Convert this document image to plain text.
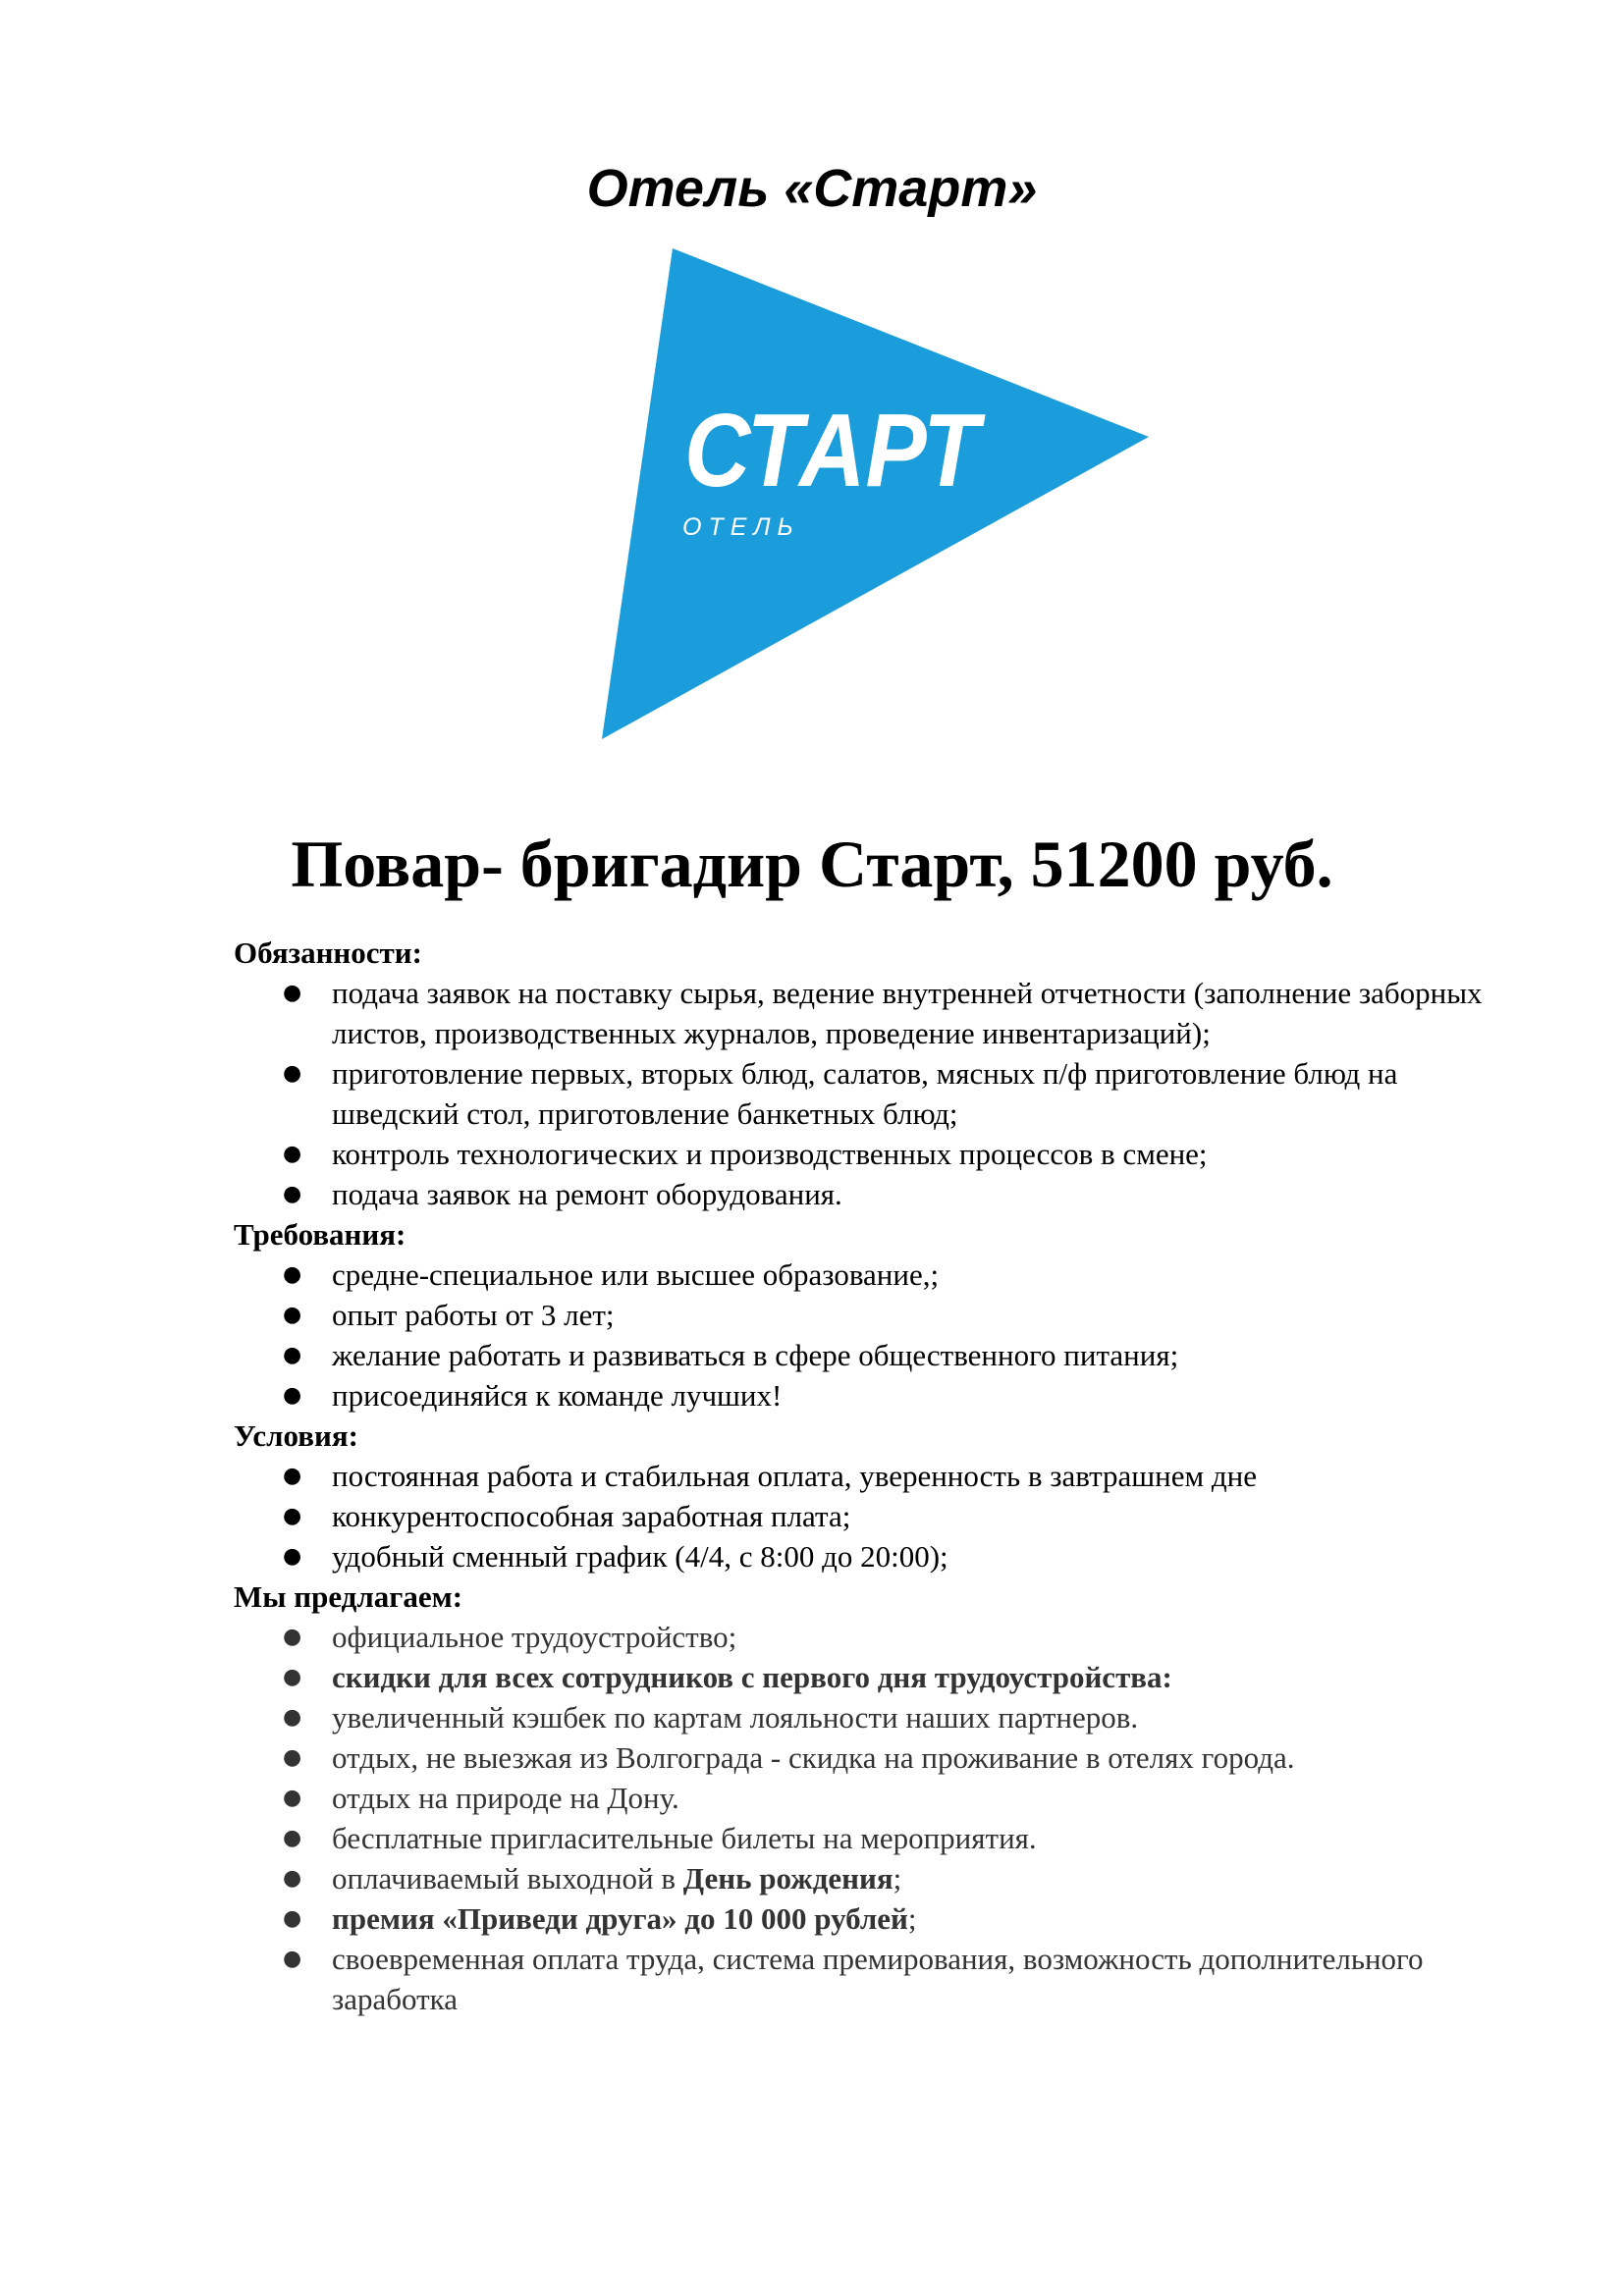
Отель «Старт»
СТАРТ
ОТЕЛЬ
Повар- бригадир Старт, 51200 руб.
Обязанности:
● подача заявок на поставку сырья, ведение внутренней отчетности (заполнение заборных листов, производственных журналов, проведение инвентаризаций);
● приготовление первых, вторых блюд, салатов, мясных п/ф приготовление блюд на шведский стол, приготовление банкетных блюд;
● контроль технологических и производственных процессов в смене;
● подача заявок на ремонт оборудования.
Требования:
● средне-специальное или высшее образование,;
● опыт работы от 3 лет;
● желание работать и развиваться в сфере общественного питания;
● присоединяйся к команде лучших!
Условия:
● постоянная работа и стабильная оплата, уверенность в завтрашнем дне
● конкурентоспособная заработная плата;
● удобный сменный график (4/4, с 8:00 до 20:00);
Мы предлагаем:
● официальное трудоустройство;
● скидки для всех сотрудников с первого дня трудоустройства:
● увеличенный кэшбек по картам лояльности наших партнеров.
● отдых, не выезжая из Волгограда - скидка на проживание в отелях города.
● отдых на природе на Дону.
● бесплатные пригласительные билеты на мероприятия.
● оплачиваемый выходной в День рождения;
● премия «Приведи друга» до 10 000 рублей;
● своевременная оплата труда, система премирования, возможность дополнительного заработка
